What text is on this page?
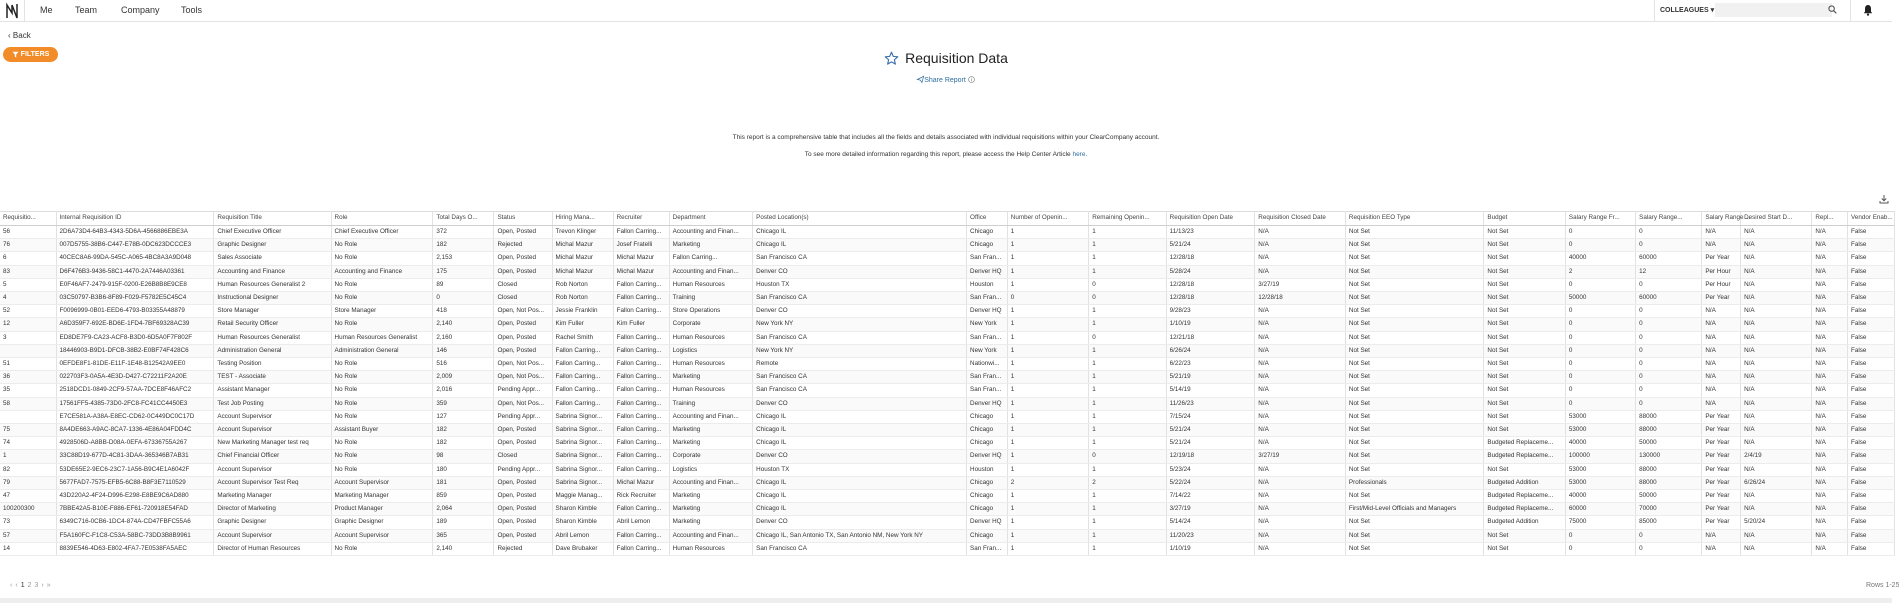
Me Team	Company Tools	COLLEAGUES ▾
‹ Back
FILTERS	Requisition Data
Share Report
This report is a comprehensive table that includes all the fields and details associated with individual requisitions within your ClearCompany account.
To see more detailed information regarding this report, please access the Help Center Article here.
Requisitio...	Internal Requisition ID	Requisition Title	Role	Total Days O...	Status	Hiring Mana...	Recruiter	Department	Posted Location(s)	Office	Number of Openin...	Remaining Openin...	Requisition Open Date	Requisition Closed Date	Requisition EEO Type	Budget	Salary Range Fr...	Salary Range...	Salary Range ...	Desired Start D...	Repl...	Vendor Enab...
56	2D6A73D4-64B3-4343-5D6A-4566886EBE3A	Chief Executive Officer	Chief Executive Officer	372	Open, Posted	Trevon Klinger	Fallon Carring...	Accounting and Finan...	Chicago IL	Chicago	1	1	11/13/23	N/A	Not Set	Not Set	0	0	N/A	N/A	N/A	False
76	007D5755-38B6-C447-E78B-0DC623DCCCE3	Graphic Designer	No Role	182	Rejected	Michal Mazur	Josef Fratelli	Marketing	Chicago IL	Chicago	1	1	5/21/24	N/A	Not Set	Not Set	0	0	N/A	N/A	N/A	False
6	40CEC8A6-99DA-545C-A065-4BC8A3A9D048	Sales Associate	No Role	2,153	Open, Posted	Michal Mazur	Michal Mazur	Fallon Carring...	San Francisco CA	San Fran...	1	1	12/28/18	N/A	Not Set	Not Set	40000	60000	Per Year	N/A	N/A	False
83	D6F476B3-9436-58C1-4470-2A7446A03361	Accounting and Finance	Accounting and Finance	175	Open, Posted	Michal Mazur	Michal Mazur	Accounting and Finan...	Denver CO	Denver HQ	1	1	5/28/24	N/A	Not Set	Not Set	2	12	Per Hour	N/A	N/A	False
5	E0F46AF7-2479-915F-0200-E26B8B8E9CE8	Human Resources Generalist 2	No Role	89	Closed	Rob Norton	Fallon Carring...	Human Resources	Houston TX	Houston	1	0	12/28/18	3/27/19	Not Set	Not Set	0	0	Per Hour	N/A	N/A	False
4	03C50797-B3B6-8F89-F029-F5782E5C45C4	Instructional Designer	No Role	0	Closed	Rob Norton	Fallon Carring...	Training	San Francisco CA	San Fran...	0	0	12/28/18	12/28/18	Not Set	Not Set	50000	60000	Per Year	N/A	N/A	False
52	F0096999-0B01-EED6-4793-B03355A48879	Store Manager	Store Manager	418	Open, Not Pos...	Jessie Franklin	Fallon Carring...	Store Operations	Denver CO	Denver HQ	1	1	9/28/23	N/A	Not Set	Not Set	0	0	N/A	N/A	N/A	False
12	A6D359F7-692E-BD6E-1FD4-7BF69328AC39	Retail Security Officer	No Role	2,140	Open, Posted	Kim Fuller	Kim Fuller	Corporate	New York NY	New York	1	1	1/10/19	N/A	Not Set	Not Set	0	0	N/A	N/A	N/A	False
3	ED8DE7F9-CA23-ACF8-B3D0-6D5A0F7F802F	Human Resources Generalist	Human Resources Generalist	2,160	Open, Posted	Rachel Smith	Fallon Carring...	Human Resources	San Francisco CA	San Fran...	1	0	12/21/18	N/A	Not Set	Not Set	0	0	N/A	N/A	N/A	False
	18446903-B9D1-DFCB-38B2-E0BF74F428C6	Administration General	Administration General	146	Open, Posted	Fallon Carring...	Fallon Carring...	Logistics	New York NY	New York	1	1	6/26/24	N/A	Not Set	Not Set	0	0	N/A	N/A	N/A	False
51	0EFDE8F1-81DE-E11F-1E48-B12542A9EE0	Testing Position	No Role	516	Open, Not Pos...	Fallon Carring...	Fallon Carring...	Human Resources	Remote	Nationwi...	1	1	6/22/23	N/A	Not Set	Not Set	0	0	N/A	N/A	N/A	False
36	022703F3-0A5A-4E3D-D427-C72211F2A20E	TEST - Associate	No Role	2,009	Open, Not Pos...	Fallon Carring...	Fallon Carring...	Marketing	San Francisco CA	San Fran...	1	1	5/21/19	N/A	Not Set	Not Set	0	0	N/A	N/A	N/A	False
35	2518DCD1-0849-2CF9-57AA-7DCE8F46AFC2	Assistant Manager	No Role	2,016	Pending Appr...	Fallon Carring...	Fallon Carring...	Human Resources	San Francisco CA	San Fran...	1	1	5/14/19	N/A	Not Set	Not Set	0	0	N/A	N/A	N/A	False
58	17561FF5-4385-73D0-2FC8-FC41CC4450E3	Test Job Posting	No Role	359	Open, Not Pos...	Fallon Carring...	Fallon Carring...	Training	Denver CO	Denver HQ	1	1	11/26/23	N/A	Not Set	Not Set	0	0	N/A	N/A	N/A	False
	E7CE581A-A38A-E8EC-CD62-0C449DC0C17D	Account Supervisor	No Role	127	Pending Appr...	Sabrina Signor...	Fallon Carring...	Accounting and Finan...	Chicago IL	Chicago	1	1	7/15/24	N/A	Not Set	Not Set	53000	88000	Per Year	N/A	N/A	False
75	8A4DE663-A9AC-8CA7-1336-4E86A04FDD4C	Account Supervisor	Assistant Buyer	182	Open, Posted	Sabrina Signor...	Fallon Carring...	Marketing	Chicago IL	Chicago	1	1	5/21/24	N/A	Not Set	Not Set	53000	88000	Per Year	N/A	N/A	False
74	4928506D-A8BB-D08A-0EFA-67336755A267	New Marketing Manager test req	No Role	182	Open, Posted	Sabrina Signor...	Fallon Carring...	Marketing	Chicago IL	Chicago	1	1	5/21/24	N/A	Not Set	Budgeted Replaceme...	40000	50000	Per Year	N/A	N/A	False
1	33C88D19-677D-4C81-3DAA-365346B7AB31	Chief Financial Officer	No Role	98	Closed	Sabrina Signor...	Fallon Carring...	Corporate	Denver CO	Denver HQ	1	0	12/19/18	3/27/19	Not Set	Budgeted Replaceme...	100000	130000	Per Year	2/4/19	N/A	False
82	53DE65E2-9EC6-23C7-1A56-B9C4E1A6042F	Account Supervisor	No Role	180	Pending Appr...	Sabrina Signor...	Fallon Carring...	Logistics	Houston TX	Houston	1	1	5/23/24	N/A	Not Set	Not Set	53000	88000	Per Year	N/A	N/A	False
79	5677FAD7-7575-EFB5-6C88-B8F3E7110529	Account Supervisor Test Req	Account Supervisor	181	Open, Posted	Sabrina Signor...	Michal Mazur	Accounting and Finan...	Chicago IL	Chicago	2	2	5/22/24	N/A	Professionals	Budgeted Addition	53000	88000	Per Year	6/26/24	N/A	False
47	43D220A2-4F24-D996-E298-E8BE9C6AD880	Marketing Manager	Marketing Manager	859	Open, Posted	Maggie Manag...	Rick Recruiter	Marketing	Chicago IL	Chicago	1	1	7/14/22	N/A	Not Set	Budgeted Replaceme...	40000	50000	Per Year	N/A	N/A	False
100200300	7BBE42A5-B10E-F886-EF61-720918E54FAD	Director of Marketing	Product Manager	2,064	Open, Posted	Sharon Kimble	Fallon Carring...	Marketing	Chicago IL	Chicago	1	1	3/27/19	N/A	First/Mid-Level Officials and Managers	Budgeted Replaceme...	60000	70000	Per Year	N/A	N/A	False
73	6349C716-0CB6-1DC4-874A-CD47FBFC55A6	Graphic Designer	Graphic Designer	189	Open, Posted	Sharon Kimble	Abril Lemon	Marketing	Denver CO	Denver HQ	1	1	5/14/24	N/A	Not Set	Budgeted Addition	75000	85000	Per Year	5/20/24	N/A	False
57	F5A160FC-F1C8-C53A-58BC-73DD3B8B9961	Account Supervisor	Account Supervisor	365	Open, Posted	Abril Lemon	Fallon Carring...	Accounting and Finan...	Chicago IL, San Antonio TX, San Antonio NM, New York NY	Chicago	1	1	11/20/23	N/A	Not Set	Not Set	0	0	N/A	N/A	N/A	False
14	8839E546-4D63-E802-4FA7-7E0538FA5AEC	Director of Human Resources	No Role	2,140	Rejected	Dave Brubaker	Fallon Carring...	Human Resources	San Francisco CA	San Fran...	1	1	1/10/19	N/A	Not Set	Not Set	0	0	N/A	N/A	N/A	False
‹ ‹ 1 2 3 › »	Rows 1-25
